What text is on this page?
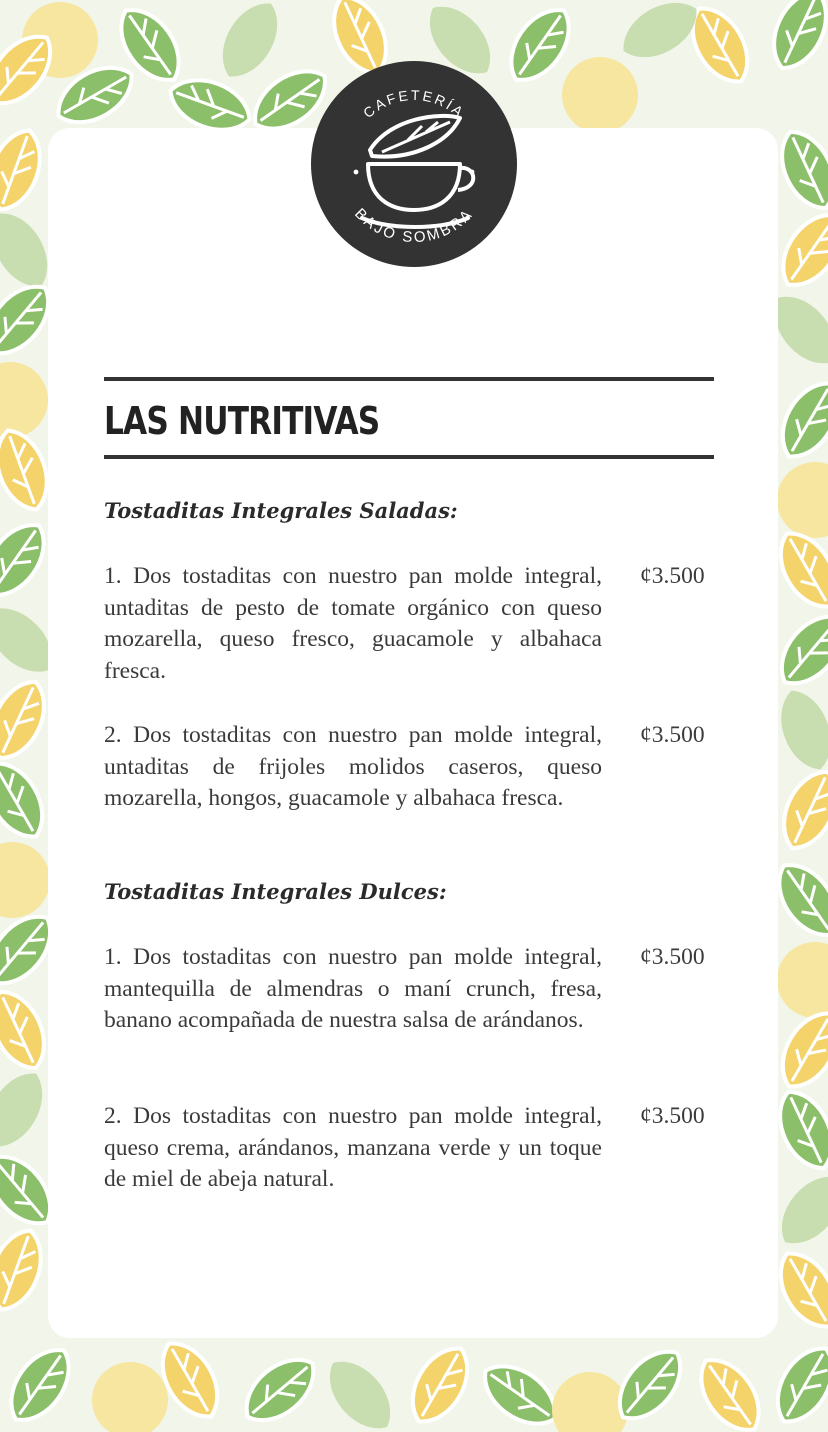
CAFETERÍA
BAJO SOMBRA
LAS NUTRITIVAS
Tostaditas Integrales Saladas:

1. Dos tostaditas con nuestro pan molde integral, untaditas de pesto de tomate orgánico con queso mozarella, queso fresco, guacamole y albahaca fresca.

¢3.500

2. Dos tostaditas con nuestro pan molde integral, untaditas de frijoles molidos caseros, queso mozarella, hongos, guacamole y albahaca fresca.

¢3.500
Tostaditas Integrales Dulces:

1. Dos tostaditas con nuestro pan molde integral, mantequilla de almendras o maní crunch, fresa, banano acompañada de nuestra salsa de arándanos.

¢3.500

2. Dos tostaditas con nuestro pan molde integral, queso crema, arándanos, manzana verde y un toque de miel de abeja natural.

¢3.500
